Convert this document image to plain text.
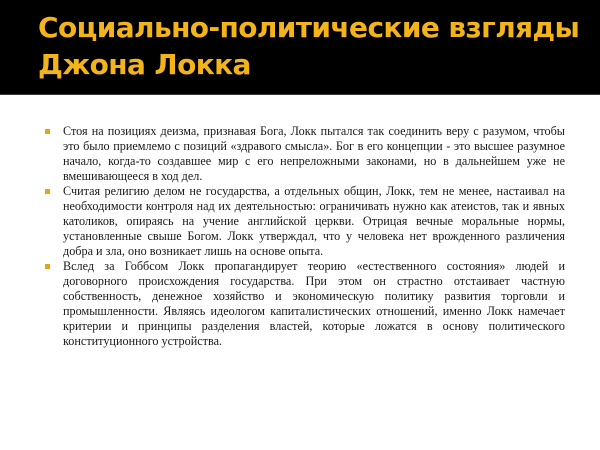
Социально-политические взгляды
Джона Локка
Стоя на позициях деизма, признавая Бога, Локк пытался так соединить веру с разумом, чтобы это было приемлемо с позиций «здравого смысла». Бог в его концепции - это высшее разумное начало, когда-то создавшее мир с его непреложными законами, но в дальнейшем уже не вмешивающееся в ход дел.
Считая религию делом не государства, а отдельных общин, Локк, тем не менее, настаивал на необходимости контроля над их деятельностью: ограничивать нужно как атеистов, так и явных католиков, опираясь на учение английской церкви. Отрицая вечные моральные нормы, установленные свыше Богом. Локк утверждал, что у человека нет врожденного различения добра и зла, оно возникает лишь на основе опыта.
Вслед за Гоббсом Локк пропагандирует теорию «естественного состояния» людей и договорного происхождения государства. При этом он страстно отстаивает частную собственность, денежное хозяйство и экономическую политику развития торговли и промышленности. Являясь идеологом капиталистических отношений, именно Локк намечает критерии и принципы разделения властей, которые ложатся в основу политического конституционного устройства.
